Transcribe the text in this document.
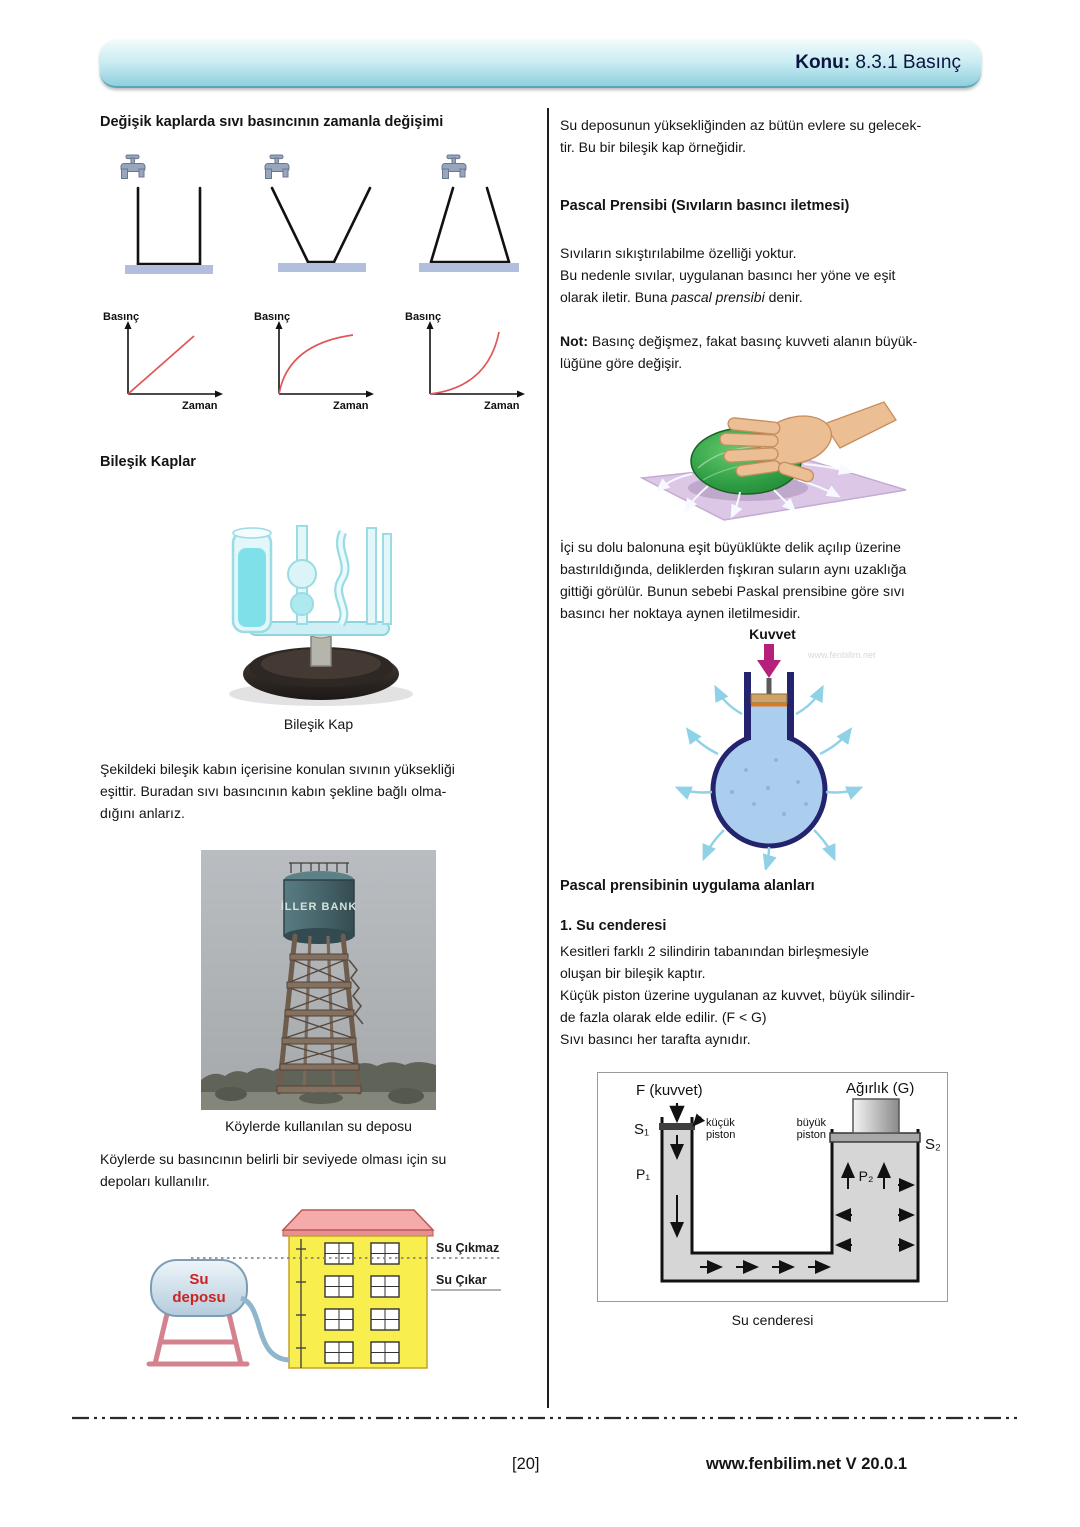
Konu: 8.3.1 Basınç
Değişik kaplarda sıvı basıncının zamanla değişimi
Basınç
Zaman
Basınç
Zaman
Basınç
Zaman
Bileşik Kaplar
Bileşik Kap
Şekildeki bileşik kabın içerisine konulan sıvının yüksekliği
eşittir. Buradan sıvı basıncının kabın şekline bağlı olma-
dığını anlarız.
İLLER BANK
Köylerde kullanılan su deposu
Köylerde su basıncının belirli bir seviyede olması için su
depoları kullanılır.
Su
deposu
Su Çıkmaz
Su Çıkar
Su deposunun yüksekliğinden az bütün evlere su gelecek-
tir. Bu bir bileşik kap örneğidir.
Pascal Prensibi (Sıvıların basıncı iletmesi)
Sıvıların sıkıştırılabilme özelliği yoktur.
Bu nedenle sıvılar, uygulanan basıncı her yöne ve eşit
olarak iletir. Buna pascal prensibi denir.
Not: Basınç değişmez, fakat basınç kuvveti alanın büyük-
lüğüne göre değişir.
İçi su dolu balonuna eşit büyüklükte delik açılıp üzerine
bastırıldığında, deliklerden fışkıran suların aynı uzaklığa
gittiği görülür. Bunun sebebi Paskal prensibine göre sıvı
basıncı her noktaya aynen iletilmesidir.
Kuvvet
www.fenbilim.net
Pascal prensibinin uygulama alanları
1. Su cenderesi
Kesitleri farklı 2 silindirin tabanından birleşmesiyle
oluşan bir bileşik kaptır.
Küçük piston üzerine uygulanan az kuvvet, büyük silindir-
de fazla olarak elde edilir. (F < G)
Sıvı basıncı her tarafta aynıdır.
F (kuvvet)	Ağırlık (G)
S₁
S₂
P₁	P₂
küçük
piston
büyük
piston
Su cenderesi
[20]	www.fenbilim.net V 20.0.1
